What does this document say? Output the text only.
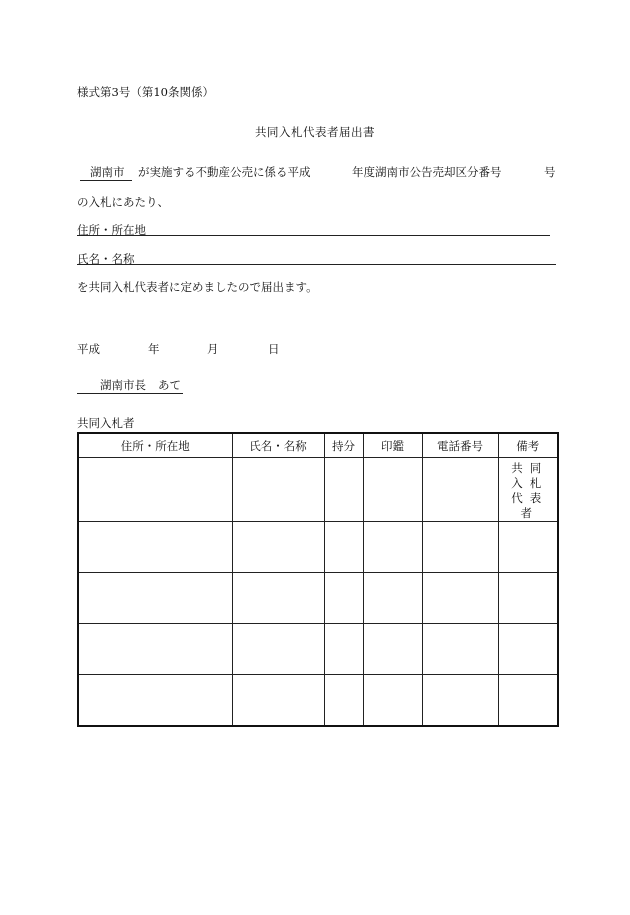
様式第3号（第10条関係）
共同入札代表者届出書
湖南市	が実施する不動産公売に係る平成	年度湖南市公告売却区分番号	号
の入札にあたり、
住所・所在地
氏名・名称
を共同入札代表者に定めましたので届出ます。
平成	年	月	日
湖南市長 あて
共同入札者
住所・所在地	氏名・名称	持分	印鑑	電話番号	備考
					共同入札代表者
